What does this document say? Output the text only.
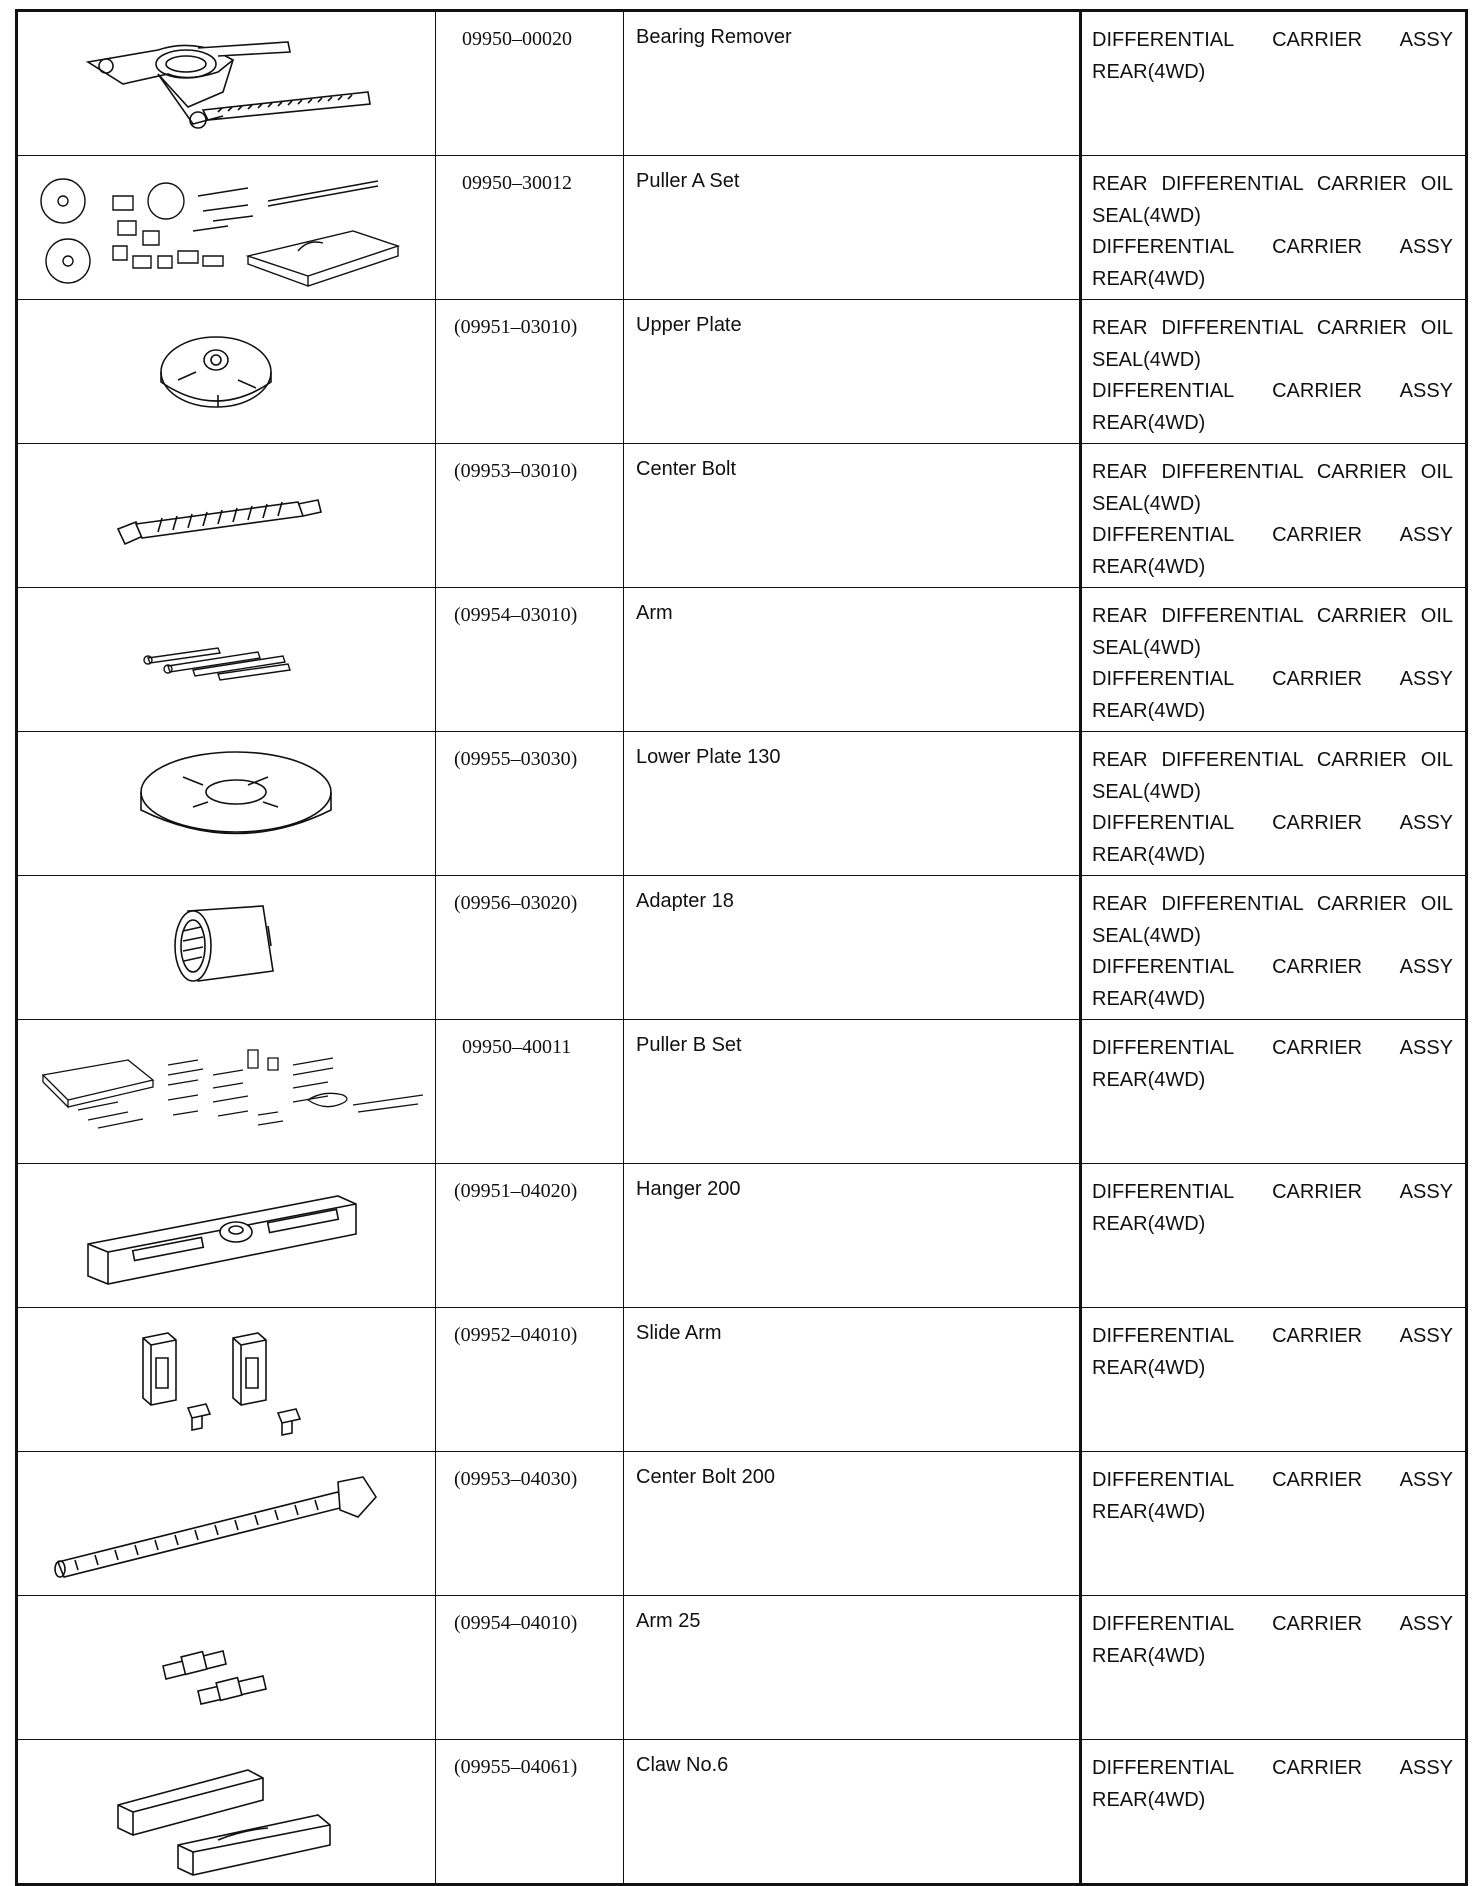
09950–00020	Bearing Remover	DIFFERENTIAL CARRIER ASSY
REAR(4WD)

09950–30012	Puller A Set	REAR DIFFERENTIAL CARRIER OIL
SEAL(4WD)
DIFFERENTIAL CARRIER ASSY
REAR(4WD)

(09951–03010)	Upper Plate	REAR DIFFERENTIAL CARRIER OIL
SEAL(4WD)
DIFFERENTIAL CARRIER ASSY
REAR(4WD)

(09953–03010)	Center Bolt	REAR DIFFERENTIAL CARRIER OIL
SEAL(4WD)
DIFFERENTIAL CARRIER ASSY
REAR(4WD)

(09954–03010)	Arm	REAR DIFFERENTIAL CARRIER OIL
SEAL(4WD)
DIFFERENTIAL CARRIER ASSY
REAR(4WD)

(09955–03030)	Lower Plate 130	REAR DIFFERENTIAL CARRIER OIL
SEAL(4WD)
DIFFERENTIAL CARRIER ASSY
REAR(4WD)

(09956–03020)	Adapter 18	REAR DIFFERENTIAL CARRIER OIL
SEAL(4WD)
DIFFERENTIAL CARRIER ASSY
REAR(4WD)

09950–40011	Puller B Set	DIFFERENTIAL CARRIER ASSY
REAR(4WD)

(09951–04020)	Hanger 200	DIFFERENTIAL CARRIER ASSY
REAR(4WD)

(09952–04010)	Slide Arm	DIFFERENTIAL CARRIER ASSY
REAR(4WD)

(09953–04030)	Center Bolt 200	DIFFERENTIAL CARRIER ASSY
REAR(4WD)

(09954–04010)	Arm 25	DIFFERENTIAL CARRIER ASSY
REAR(4WD)

(09955–04061)	Claw No.6	DIFFERENTIAL CARRIER ASSY
REAR(4WD)
